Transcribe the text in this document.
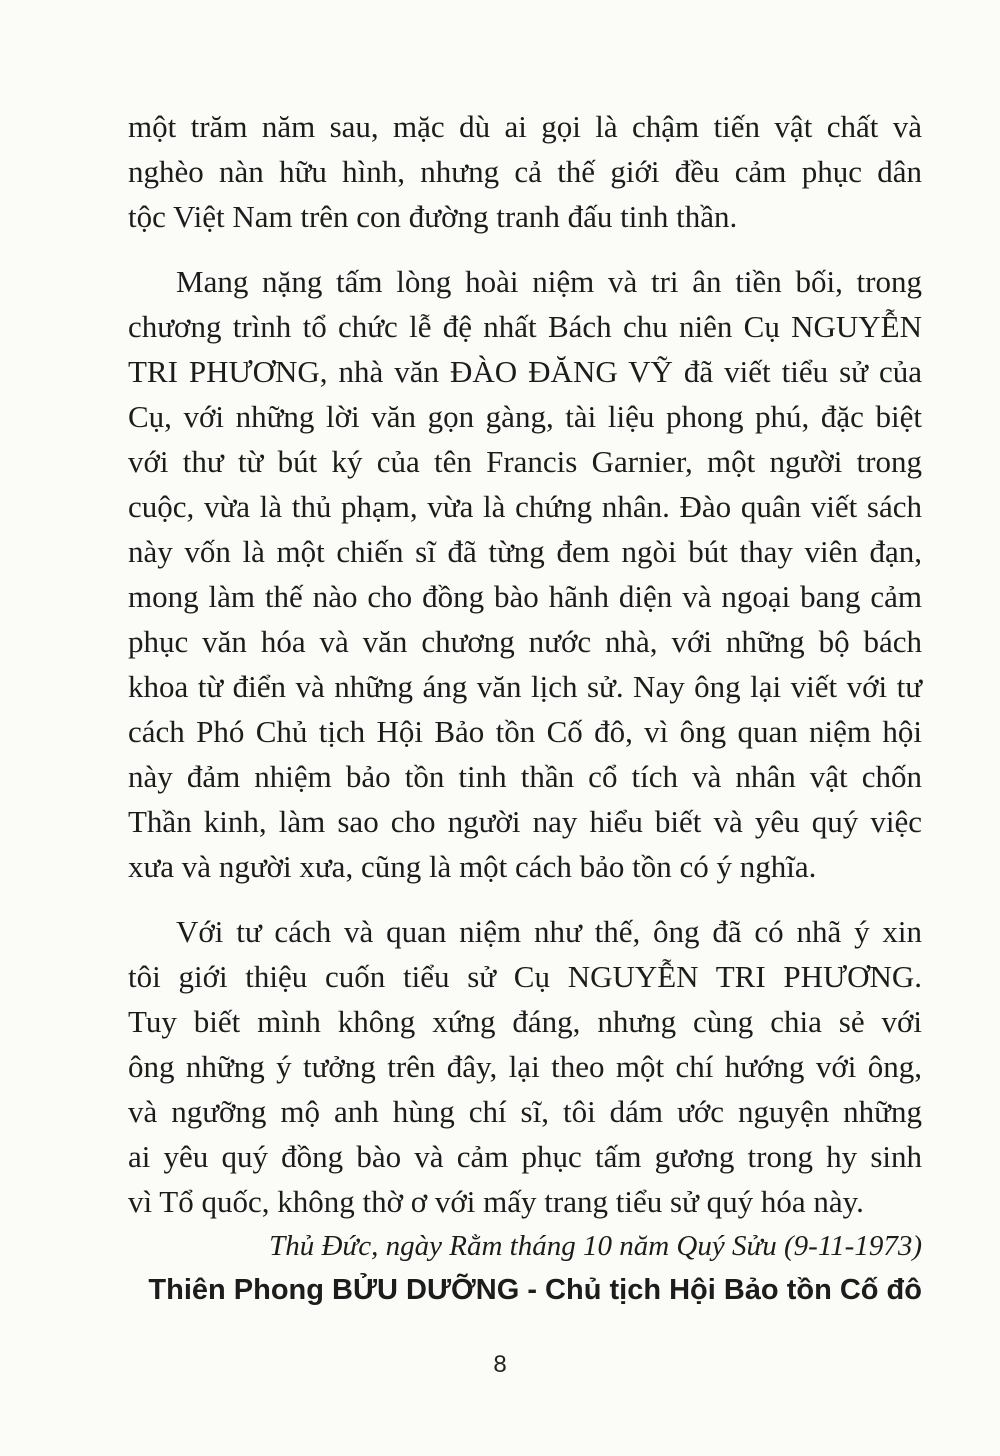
một trăm năm sau, mặc dù ai gọi là chậm tiến vật chất và
nghèo nàn hữu hình, nhưng cả thế giới đều cảm phục dân
tộc Việt Nam trên con đường tranh đấu tinh thần.

Mang nặng tấm lòng hoài niệm và tri ân tiền bối, trong
chương trình tổ chức lễ đệ nhất Bách chu niên Cụ NGUYỄN
TRI PHƯƠNG, nhà văn ĐÀO ĐĂNG VỸ đã viết tiểu sử của
Cụ, với những lời văn gọn gàng, tài liệu phong phú, đặc biệt
với thư từ bút ký của tên Francis Garnier, một người trong
cuộc, vừa là thủ phạm, vừa là chứng nhân. Đào quân viết sách
này vốn là một chiến sĩ đã từng đem ngòi bút thay viên đạn,
mong làm thế nào cho đồng bào hãnh diện và ngoại bang cảm
phục văn hóa và văn chương nước nhà, với những bộ bách
khoa từ điển và những áng văn lịch sử. Nay ông lại viết với tư
cách Phó Chủ tịch Hội Bảo tồn Cố đô, vì ông quan niệm hội
này đảm nhiệm bảo tồn tinh thần cổ tích và nhân vật chốn
Thần kinh, làm sao cho người nay hiểu biết và yêu quý việc
xưa và người xưa, cũng là một cách bảo tồn có ý nghĩa.

Với tư cách và quan niệm như thế, ông đã có nhã ý xin
tôi giới thiệu cuốn tiểu sử Cụ NGUYỄN TRI PHƯƠNG.
Tuy biết mình không xứng đáng, nhưng cùng chia sẻ với
ông những ý tưởng trên đây, lại theo một chí hướng với ông,
và ngưỡng mộ anh hùng chí sĩ, tôi dám ước nguyện những
ai yêu quý đồng bào và cảm phục tấm gương trong hy sinh
vì Tổ quốc, không thờ ơ với mấy trang tiểu sử quý hóa này.

Thủ Đức, ngày Rằm tháng 10 năm Quý Sửu (9-11-1973)

Thiên Phong BỬU DƯỠNG - Chủ tịch Hội Bảo tồn Cố đô

8
